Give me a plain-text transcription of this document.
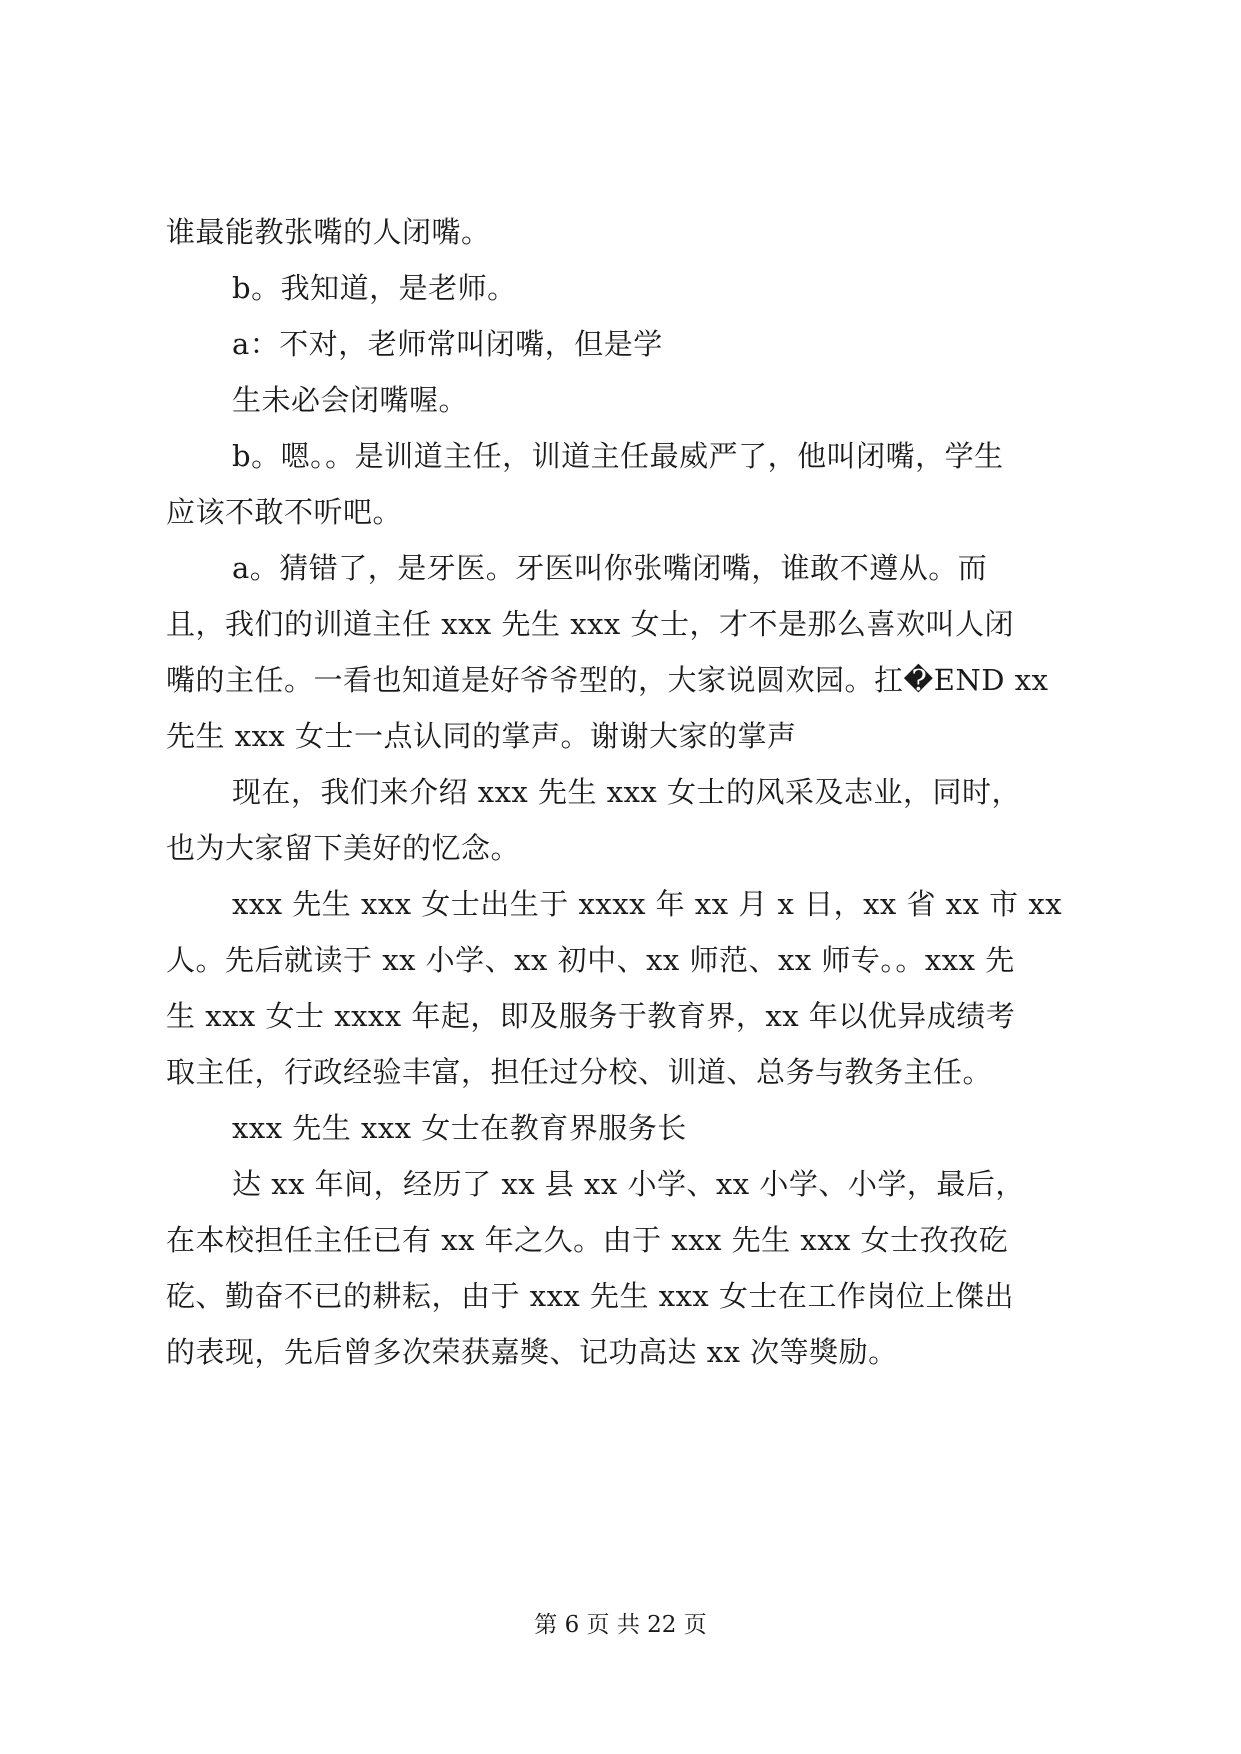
谁最能教张嘴的人闭嘴。
b。我知道，是老师。
a：不对，老师常叫闭嘴，但是学
生未必会闭嘴喔。
b。嗯。。是训道主任，训道主任最威严了，他叫闭嘴，学生
应该不敢不听吧。
a。猜错了，是牙医。牙医叫你张嘴闭嘴，谁敢不遵从。而
且，我们的训道主任 xxx 先生 xxx 女士，才不是那么喜欢叫人闭
嘴的主任。一看也知道是好爷爷型的，大家说圆欢园。扛�END xx
先生 xxx 女士一点认同的掌声。谢谢大家的掌声
现在，我们来介绍 xxx 先生 xxx 女士的风采及志业，同时，
也为大家留下美好的忆念。
xxx 先生 xxx 女士出生于 xxxx 年 xx 月 x 日，xx 省 xx 市 xx
人。先后就读于 xx 小学、xx 初中、xx 师范、xx 师专。。xxx 先
生 xxx 女士 xxxx 年起，即及服务于教育界，xx 年以优异成绩考
取主任，行政经验丰富，担任过分校、训道、总务与教务主任。
xxx 先生 xxx 女士在教育界服务长
达 xx 年间，经历了 xx 县 xx 小学、xx 小学、小学，最后，
在本校担任主任已有 xx 年之久。由于 xxx 先生 xxx 女士孜孜矻
矻、勤奋不已的耕耘，由于 xxx 先生 xxx 女士在工作岗位上傑出
的表现，先后曾多次荣获嘉獎、记功高达 xx 次等獎励。
第 6 页 共 22 页
